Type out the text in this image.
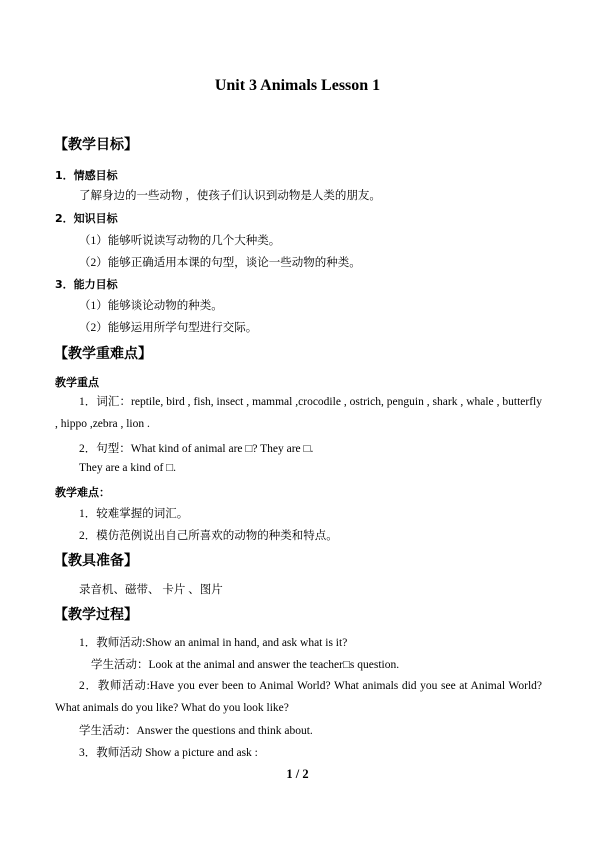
Unit 3 Animals Lesson 1
【教学目标】
1．情感目标
了解身边的一些动物 ，使孩子们认识到动物是人类的朋友。
2．知识目标
（1）能够听说读写动物的几个大种类。
（2）能够正确适用本课的句型，谈论一些动物的种类。
3．能力目标
（1）能够谈论动物的种类。
（2）能够运用所学句型进行交际。
【教学重难点】
教学重点
1．词汇：reptile, bird , fish, insect , mammal ,crocodile , ostrich, penguin , shark , whale , butterfly , hippo ,zebra , lion .
2．句型：What kind of animal are □? They are □.
They are a kind of □.
教学难点：
1．较难掌握的词汇。
2．模仿范例说出自己所喜欢的动物的种类和特点。
【教具准备】
录音机、磁带、 卡片 、图片
【教学过程】
1．教师活动:Show an animal in hand, and ask what is it?
学生活动：Look at the animal and answer the teacher□s question.
2．教师活动:Have you ever been to Animal World? What animals did you see at Animal World? What animals do you like? What do you look like?
学生活动：Answer the questions and think about.
3．教师活动 Show a picture and ask :
1 / 2
